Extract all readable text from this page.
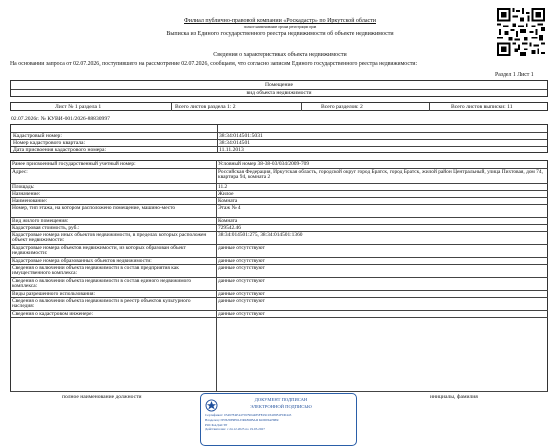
Филиал публично-правовой компании «Роскадастр» по Иркутской области
полное наименование органа регистрации прав
Выписка из Единого государственного реестра недвижимости об объекте недвижимости
Сведения о характеристиках объекта недвижимости
На основании запроса от 02.07.2026, поступившего на рассмотрение 02.07.2026, сообщаем, что согласно записям Единого государственного реестра недвижимости:
Раздел 1 Лист 1
Помещение
вид объекта недвижимости
Лист № 1 раздела 1	Всего листов раздела 1: 2	Всего разделов: 2	Всего листов выписки: 11
02.07.2026г. № КУВИ-001/2026-88830997
Кадастровый номер:	38:34:014501:5031
Номер кадастрового квартала:	38:34:014501
Дата присвоения кадастрового номера:	11.11.2013
Ранее присвоенный государственный учетный номер:	Условный номер 38-38-03/034/2009-709
Адрес:	Российская Федерация, Иркутская область, городской округ город Братск, город Братск, жилой район Центральный, улица Пихтовая, дом 74, квартира 94, комната 2
Площадь:	11.2
Назначение:	Жилое
Наименование:	Комната
Номер, тип этажа, на котором расположено помещение, машино-место	Этаж № 4
Вид жилого помещения:	Комната
Кадастровая стоимость, руб.:	729542.46
Кадастровые номера иных объектов недвижимости, в пределах которых расположен объект недвижимости:
38:34:014501:275, 38:34:014501:1360
Кадастровые номера объектов недвижимости, из которых образован объект недвижимости:
данные отсутствуют
Кадастровые номера образованных объектов недвижимости:	данные отсутствуют
Сведения о включении объекта недвижимости в состав предприятия как имущественного комплекса:
данные отсутствуют
Сведения о включении объекта недвижимости в состав единого недвижимого комплекса:
данные отсутствуют
Виды разрешенного использования:	данные отсутствуют
Сведения о включении объекта недвижимости в реестр объектов культурного наследия:
данные отсутствуют
Сведения о кадастровом инженере:	данные отсутствуют
полное наименование должности	инициалы, фамилия
ДОКУМЕНТ ПОДПИСАН
ЭЛЕКТРОННОЙ ПОДПИСЬЮ
Сертификат: 05497E4E447597904485FE29193405B1FD0443
Владелец: ПУБЛИЧНО-ПРАВОВАЯ КОМПАНИЯ
РОСКАДАСТР
Действителен: с 24.12.2025 по 19.03.2027
